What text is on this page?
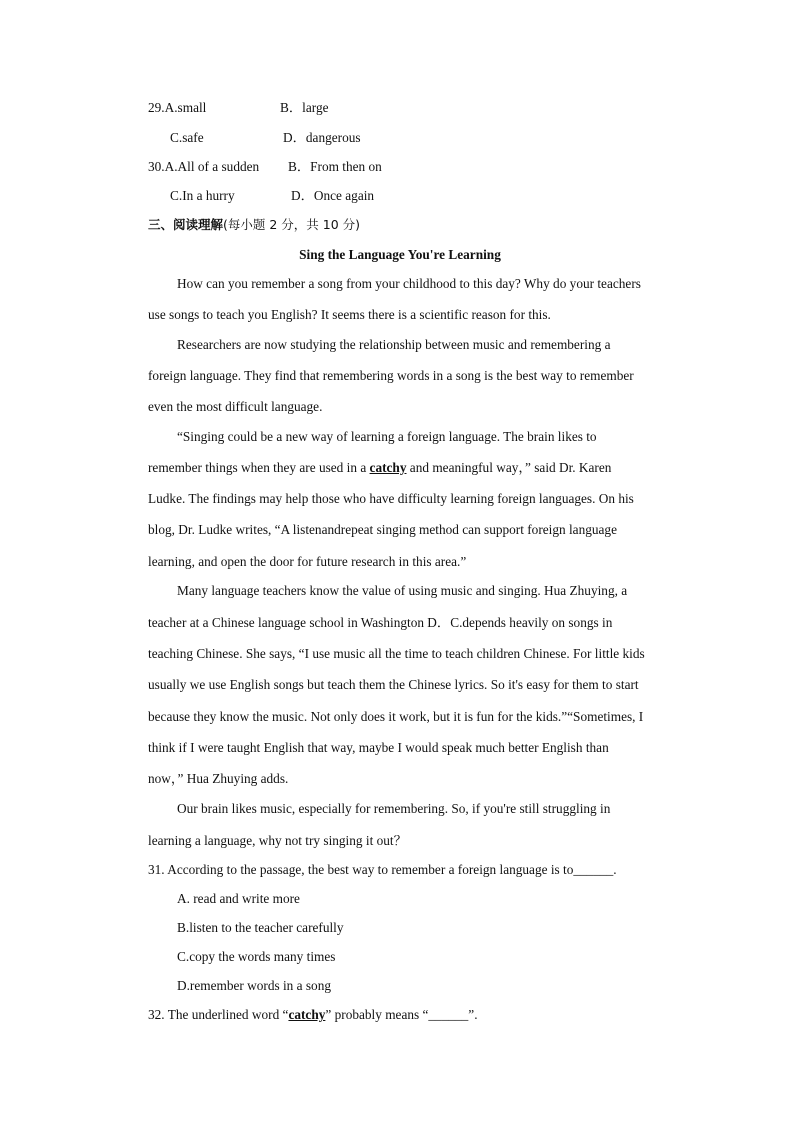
29.A.small	B．large
C.safe	D．dangerous
30.A.All of a sudden B．From then on
C.In a hurry	D．Once again
三、阅读理解(每小题 2 分，共 10 分)
Sing the Language You're Learning
How can you remember a song from your childhood to this day? Why do your teachers
use songs to teach you English? It seems there is a scientific reason for this.
Researchers are now studying the relationship between music and remembering a
foreign language. They find that remembering words in a song is the best way to remember
even the most difficult language.
“Singing could be a new way of learning a foreign language. The brain likes to
remember things when they are used in a catchy and meaningful way，” said Dr. Karen
Ludke. The findings may help those who have difficulty learning foreign languages. On his
blog, Dr. Ludke writes, “A listenandrepeat singing method can support foreign language
learning, and open the door for future research in this area.”
Many language teachers know the value of using music and singing. Hua Zhuying, a
teacher at a Chinese language school in Washington D．C.depends heavily on songs in
teaching Chinese. She says, “I use music all the time to teach children Chinese. For little kids
usually we use English songs but teach them the Chinese lyrics. So it's easy for them to start
because they know the music. Not only does it work, but it is fun for the kids.”“Sometimes, I
think if I were taught English that way, maybe I would speak much better English than
now，” Hua Zhuying adds.
Our brain likes music, especially for remembering. So, if you're still struggling in
learning a language, why not try singing it out？
31. According to the passage, the best way to remember a foreign language is to______.
A. read and write more
B.listen to the teacher carefully
C.copy the words many times
D.remember words in a song
32. The underlined word “catchy” probably means “______”.
